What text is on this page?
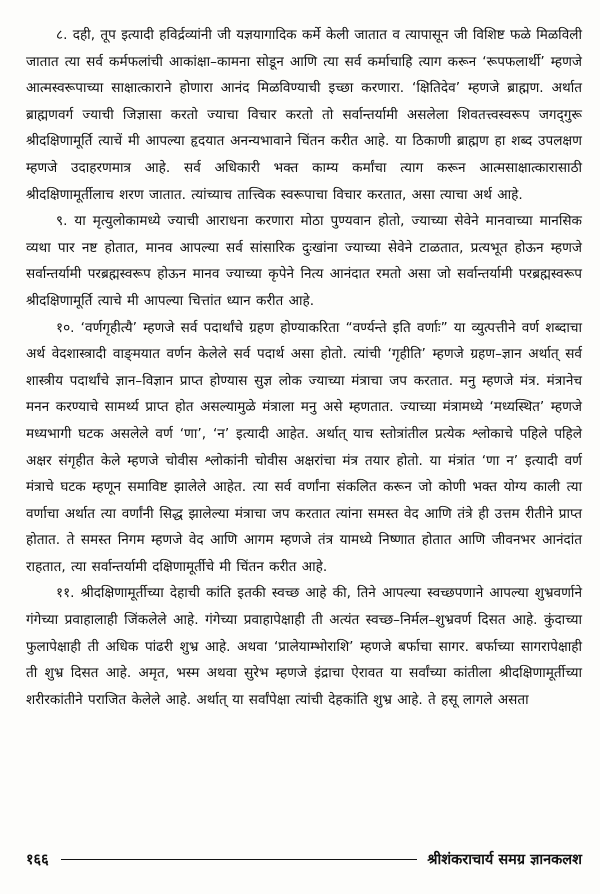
८. दही, तूप इत्यादी हविर्द्रव्यांनी जी यज्ञयागादिक कर्मे केली जातात व त्यापासून जी विशिष्ट फळे मिळविली जातात त्या सर्व कर्मफलांची आकांक्षा–कामना सोडून आणि त्या सर्व कर्माचाहि त्याग करून ‘रूपफलार्थी’ म्हणजे आत्मस्वरूपाच्या साक्षात्काराने होणारा आनंद मिळविण्याची इच्छा करणारा. ‘क्षितिदेव’ म्हणजे ब्राह्मण. अर्थात ब्राह्मणवर्ग ज्याची जिज्ञासा करतो ज्याचा विचार करतो तो सर्वान्तर्यामी असलेला शिवतत्त्वस्वरूप जगद्‌गुरू श्रीदक्षिणामूर्ति त्याचें मी आपल्या हृदयात अनन्यभावाने चिंतन करीत आहे. या ठिकाणी ब्राह्मण हा शब्द उपलक्षण म्हणजे उदाहरणमात्र आहे. सर्व अधिकारी भक्त काम्य कर्मांचा त्याग करून आत्मसाक्षात्कारासाठी श्रीदक्षिणामूर्तीलाच शरण जातात. त्यांच्याच तात्त्विक स्वरूपाचा विचार करतात, असा त्याचा अर्थ आहे.

९. या मृत्युलोकामध्ये ज्याची आराधना करणारा मोठा पुण्यवान होतो, ज्याच्या सेवेने मानवाच्या मानसिक व्यथा पार नष्ट होतात, मानव आपल्या सर्व सांसारिक दुःखांना ज्याच्या सेवेने टाळतात, प्रत्यभूत होऊन म्हणजे सर्वान्तर्यामी परब्रह्मस्वरूप होऊन मानव ज्याच्या कृपेने नित्य आनंदात रमतो असा जो सर्वान्तर्यामी परब्रह्मस्वरूप श्रीदक्षिणामूर्ति त्याचे मी आपल्या चित्तांत ध्यान करीत आहे.

१०. ‘वर्णगृहीत्यै’ म्हणजे सर्व पदार्थांचे ग्रहण होण्याकरिता “वर्ण्यन्ते इति वर्णाः” या व्युत्पत्तीने वर्ण शब्दाचा अर्थ वेदशास्त्रादी वाङ्‌मयात वर्णन केलेले सर्व पदार्थ असा होतो. त्यांची ‘गृहीति’ म्हणजे ग्रहण–ज्ञान अर्थात् सर्व शास्त्रीय पदार्थांचे ज्ञान–विज्ञान प्राप्त होण्यास सुज्ञ लोक ज्याच्या मंत्राचा जप करतात. मनु म्हणजे मंत्र. मंत्रानेच मनन करण्याचे सामर्थ्य प्राप्त होत असल्यामुळे मंत्राला मनु असे म्हणतात. ज्याच्या मंत्रामध्ये ‘मध्यस्थित’ म्हणजे मध्यभागी घटक असलेले वर्ण ‘णा’, ‘न’ इत्यादी आहेत. अर्थात् याच स्तोत्रांतील प्रत्येक श्लोकाचे पहिले पहिले अक्षर संगृहीत केले म्हणजे चोवीस श्लोकांनी चोवीस अक्षरांचा मंत्र तयार होतो. या मंत्रांत ‘णा न’ इत्यादी वर्ण मंत्राचे घटक म्हणून समाविष्ट झालेले आहेत. त्या सर्व वर्णांना संकलित करून जो कोणी भक्त योग्य काली त्या वर्णाचा अर्थात त्या वर्णांनी सिद्ध झालेल्या मंत्राचा जप करतात त्यांना समस्त वेद आणि तंत्रे ही उत्तम रीतीने प्राप्त होतात. ते समस्त निगम म्हणजे वेद आणि आगम म्हणजे तंत्र यामध्ये निष्णात होतात आणि जीवनभर आनंदांत राहतात, त्या सर्वान्तर्यामी दक्षिणामूर्तीचे मी चिंतन करीत आहे.

११. श्रीदक्षिणामूर्तीच्या देहाची कांति इतकी स्वच्छ आहे की, तिने आपल्या स्वच्छपणाने आपल्या शुभ्रवर्णाने गंगेच्या प्रवाहालाही जिंकलेले आहे. गंगेच्या प्रवाहापेक्षाही ती अत्यंत स्वच्छ–निर्मल–शुभ्रवर्ण दिसत आहे. कुंदाच्या फुलापेक्षाही ती अधिक पांढरी शुभ्र आहे. अथवा ‘प्रालेयाम्भोराशि’ म्हणजे बर्फाचा सागर. बर्फाच्या सागरापेक्षाही ती शुभ्र दिसत आहे. अमृत, भस्म अथवा सुरेभ म्हणजे इंद्राचा ऐरावत या सर्वांच्या कांतीला श्रीदक्षिणामूर्तीच्या शरीरकांतीने पराजित केलेले आहे. अर्थात् या सर्वांपेक्षा त्यांची देहकांति शुभ्र आहे. ते हसू लागले असता

१६६	श्रीशंकराचार्य समग्र ज्ञानकलश
